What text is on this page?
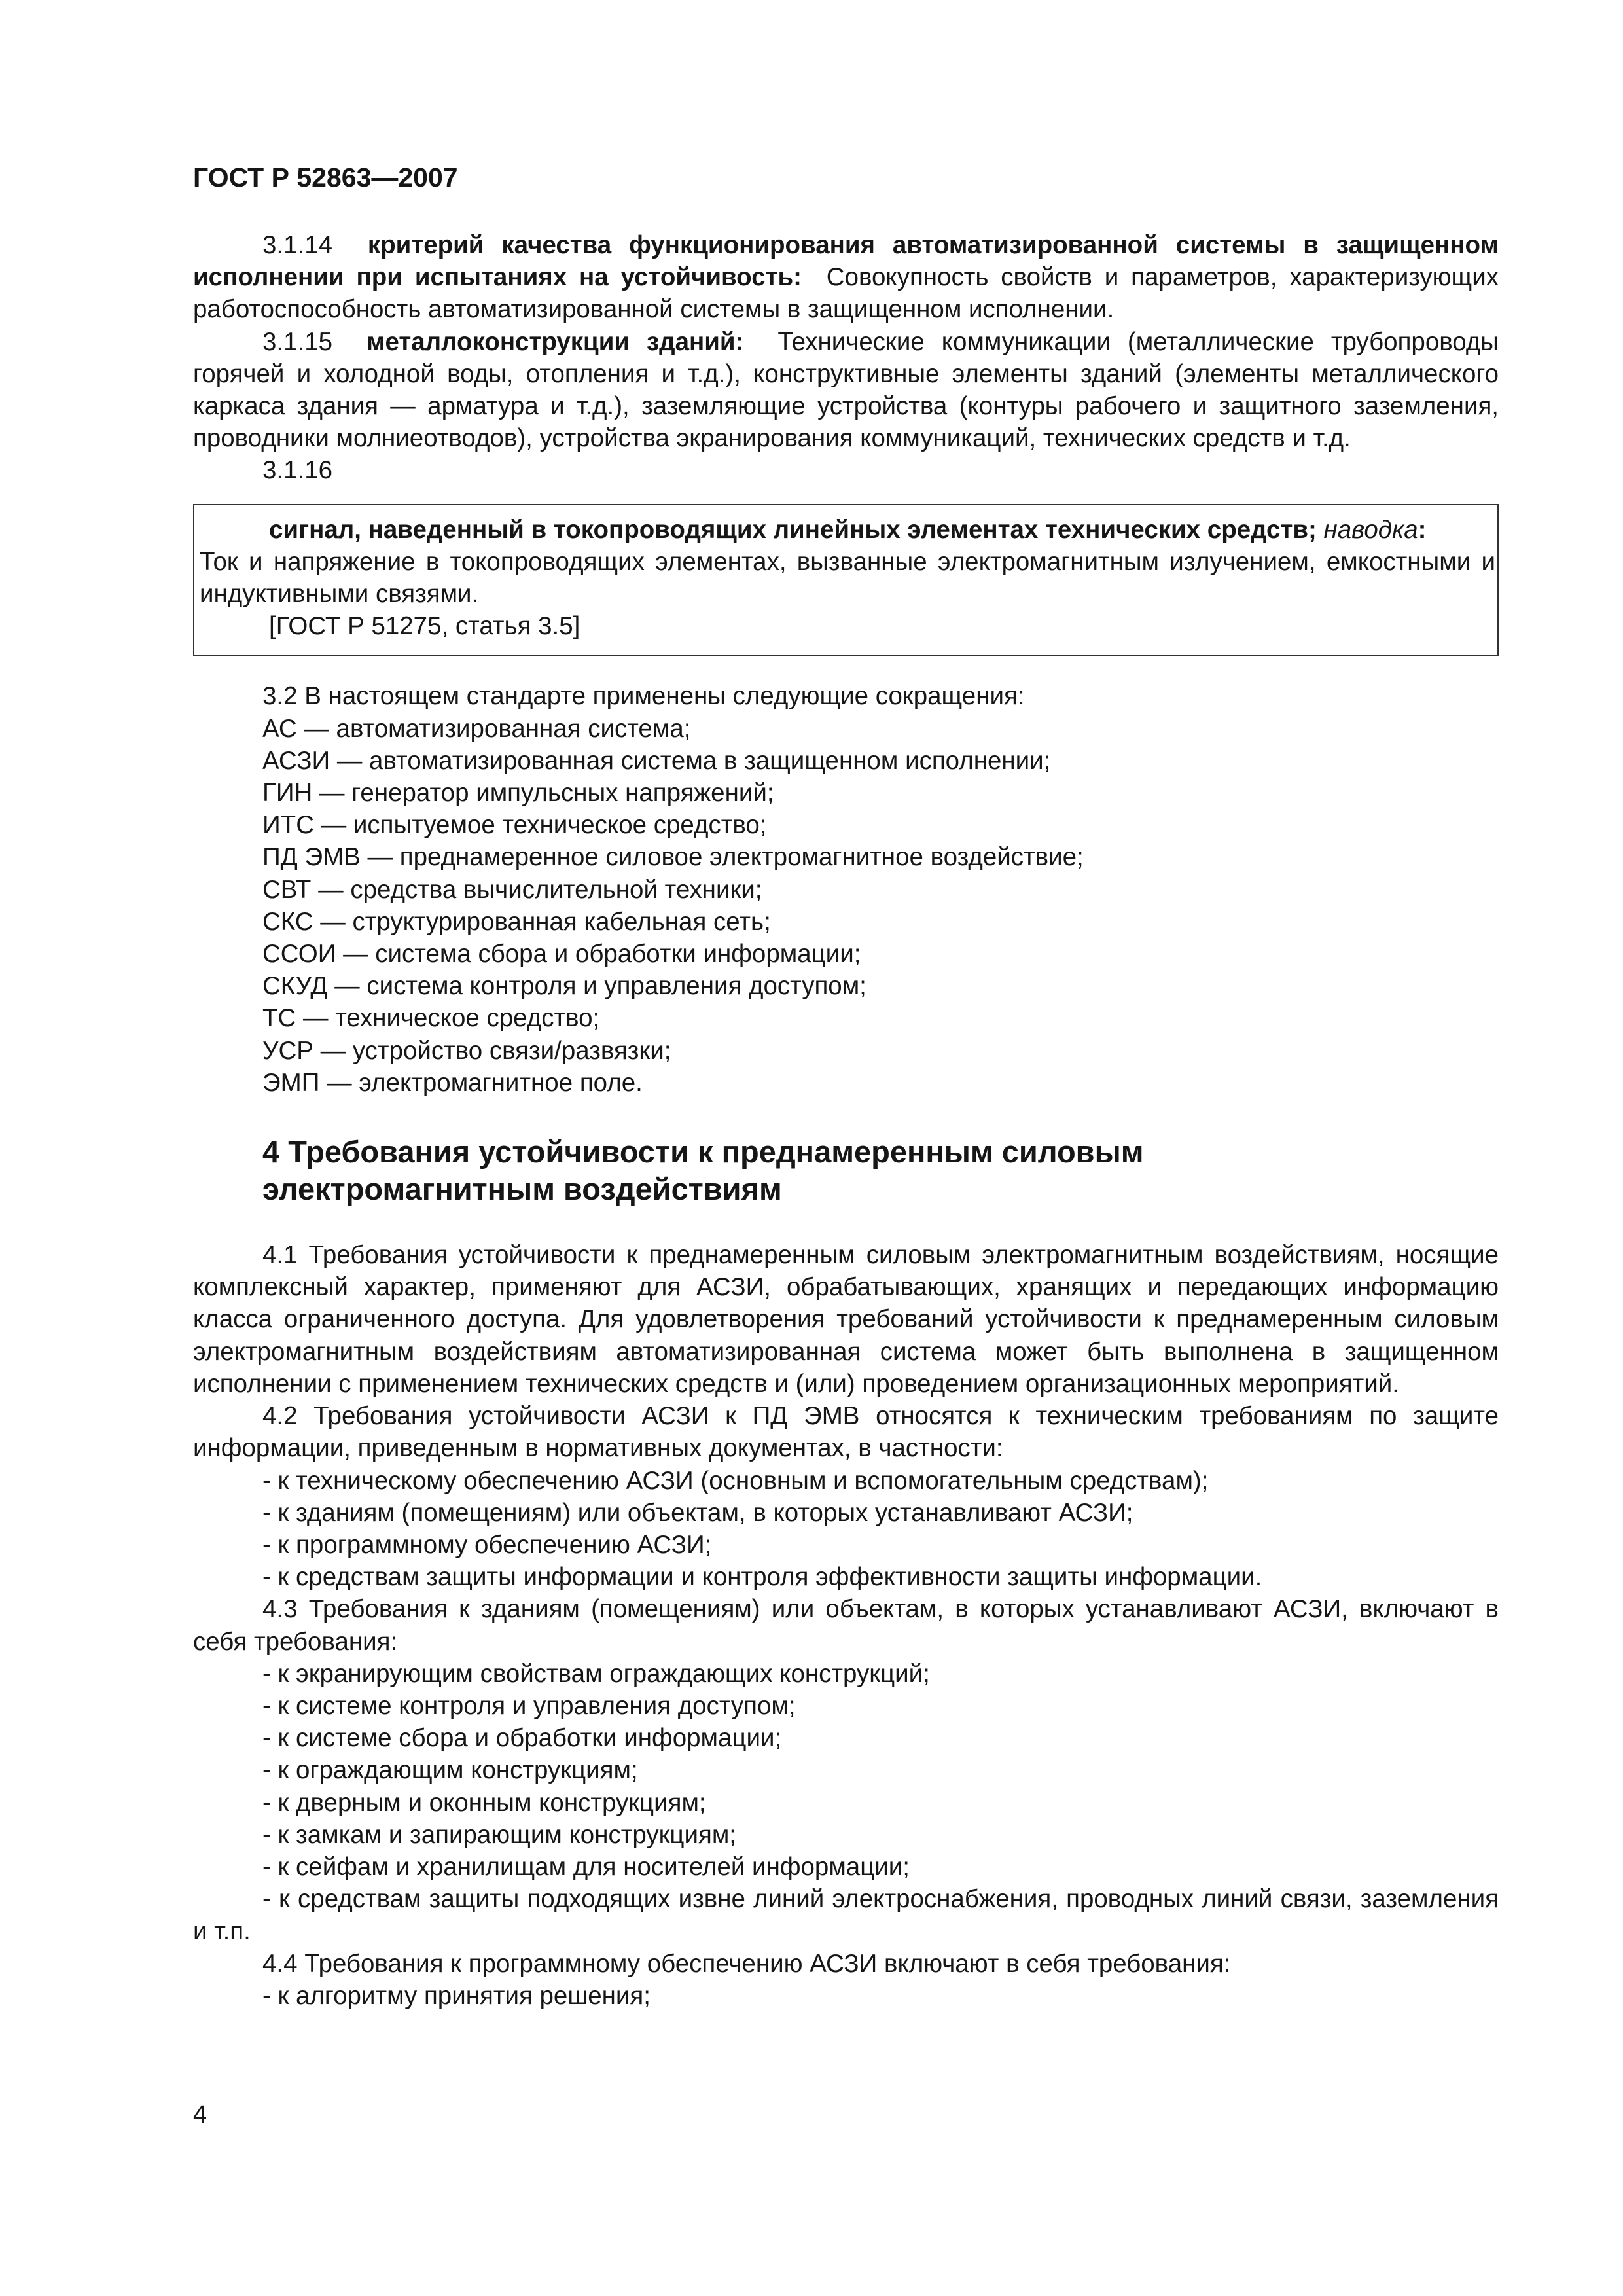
ГОСТ Р 52863—2007

3.1.14 критерий качества функционирования автоматизированной системы в защищенном исполнении при испытаниях на устойчивость: Совокупность свойств и параметров, характеризующих работоспособность автоматизированной системы в защищенном исполнении.

3.1.15 металлоконструкции зданий: Технические коммуникации (металлические трубопроводы горячей и холодной воды, отопления и т.д.), конструктивные элементы зданий (элементы металлического каркаса здания — арматура и т.д.), заземляющие устройства (контуры рабочего и защитного заземления, проводники молниеотводов), устройства экранирования коммуникаций, технических средств и т.д.

3.1.16

сигнал, наведенный в токопроводящих линейных элементах технических средств; наводка:
Ток и напряжение в токопроводящих элементах, вызванные электромагнитным излучением, емкостными и индуктивными связями.

[ГОСТ Р 51275, статья 3.5]

3.2 В настоящем стандарте применены следующие сокращения:

АС — автоматизированная система;

АСЗИ — автоматизированная система в защищенном исполнении;

ГИН — генератор импульсных напряжений;

ИТС — испытуемое техническое средство;

ПД ЭМВ — преднамеренное силовое электромагнитное воздействие;

СВТ — средства вычислительной техники;

СКС — структурированная кабельная сеть;

ССОИ — система сбора и обработки информации;

СКУД — система контроля и управления доступом;

ТС — техническое средство;

УСР — устройство связи/развязки;

ЭМП — электромагнитное поле.

4 Требования устойчивости к преднамеренным силовым
электромагнитным воздействиям

4.1 Требования устойчивости к преднамеренным силовым электромагнитным воздействиям, носящие комплексный характер, применяют для АСЗИ, обрабатывающих, хранящих и передающих информацию класса ограниченного доступа. Для удовлетворения требований устойчивости к преднамеренным силовым электромагнитным воздействиям автоматизированная система может быть выполнена в защищенном исполнении с применением технических средств и (или) проведением организационных мероприятий.

4.2 Требования устойчивости АСЗИ к ПД ЭМВ относятся к техническим требованиям по защите информации, приведенным в нормативных документах, в частности:

- к техническому обеспечению АСЗИ (основным и вспомогательным средствам);

- к зданиям (помещениям) или объектам, в которых устанавливают АСЗИ;

- к программному обеспечению АСЗИ;

- к средствам защиты информации и контроля эффективности защиты информации.

4.3 Требования к зданиям (помещениям) или объектам, в которых устанавливают АСЗИ, включают в себя требования:

- к экранирующим свойствам ограждающих конструкций;

- к системе контроля и управления доступом;

- к системе сбора и обработки информации;

- к ограждающим конструкциям;

- к дверным и оконным конструкциям;

- к замкам и запирающим конструкциям;

- к сейфам и хранилищам для носителей информации;

- к средствам защиты подходящих извне линий электроснабжения, проводных линий связи, заземления и т.п.

4.4 Требования к программному обеспечению АСЗИ включают в себя требования:

- к алгоритму принятия решения;

4
